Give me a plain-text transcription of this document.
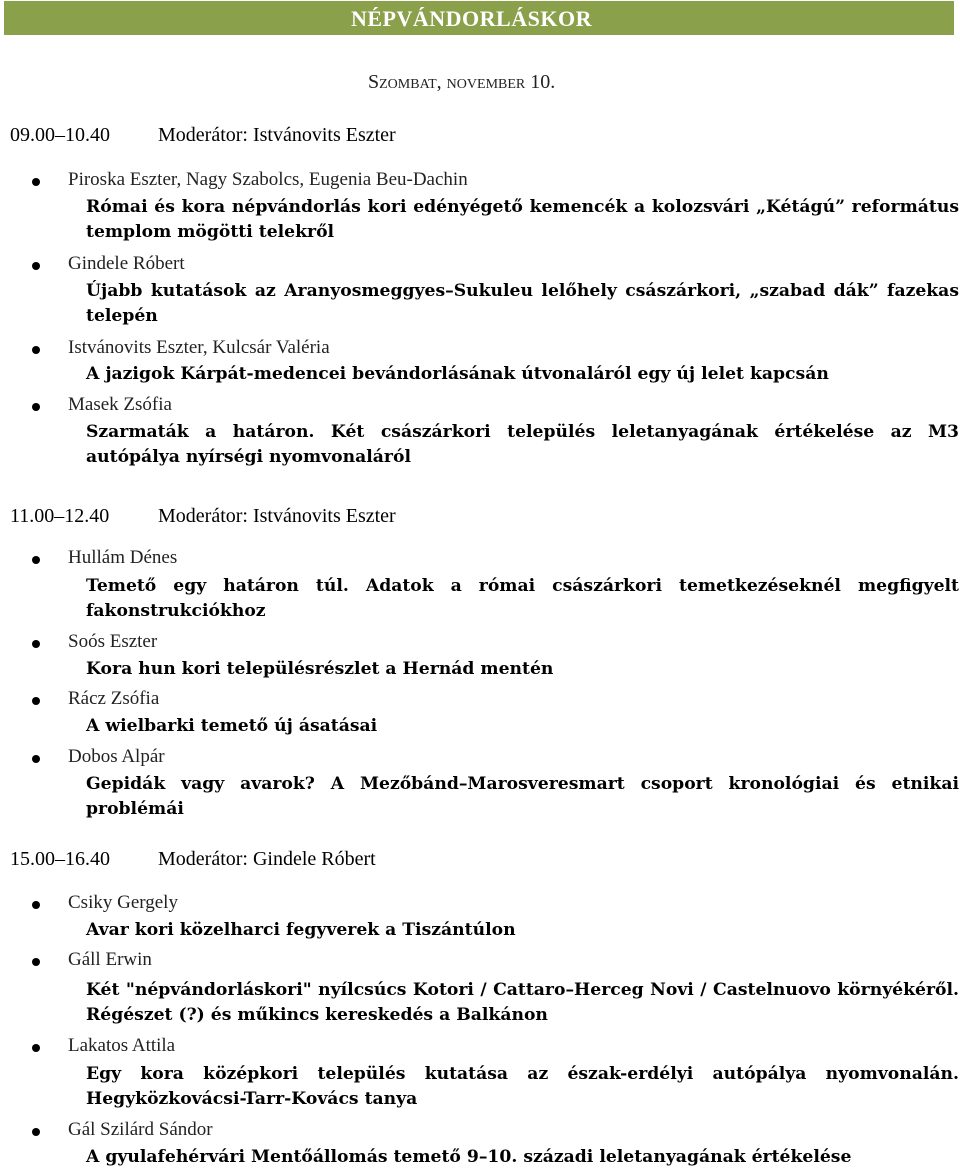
NÉPVÁNDORLÁSKOR
Szombat, november 10.
09.00–10.40 Moderátor: Istvánovits Eszter
Piroska Eszter, Nagy Szabolcs, Eugenia Beu-Dachin
Római és kora népvándorlás kori edényégető kemencék a kolozsvári „Kétágú” református templom mögötti telekről
Gindele Róbert
Újabb kutatások az Aranyosmeggyes–Sukuleu lelőhely császárkori, „szabad dák” fazekas telepén
Istvánovits Eszter, Kulcsár Valéria
A jazigok Kárpát-medencei bevándorlásának útvonaláról egy új lelet kapcsán
Masek Zsófia
Szarmaták a határon. Két császárkori település leletanyagának értékelése az M3 autópálya nyírségi nyomvonaláról
11.00–12.40 Moderátor: Istvánovits Eszter
Hullám Dénes
Temető egy határon túl. Adatok a római császárkori temetkezéseknél megfigyelt fakonstrukciókhoz
Soós Eszter
Kora hun kori településrészlet a Hernád mentén
Rácz Zsófia
A wielbarki temető új ásatásai
Dobos Alpár
Gepidák vagy avarok? A Mezőbánd–Marosveresmart csoport kronológiai és etnikai problémái
15.00–16.40 Moderátor: Gindele Róbert
Csiky Gergely
Avar kori közelharci fegyverek a Tiszántúlon
Gáll Erwin
Két "népvándorláskori" nyílcsúcs Kotori / Cattaro–Herceg Novi / Castelnuovo környékéről. Régészet (?) és műkincs kereskedés a Balkánon
Lakatos Attila
Egy kora középkori település kutatása az észak-erdélyi autópálya nyomvonalán. Hegyközkovácsi-Tarr-Kovács tanya
Gál Szilárd Sándor
A gyulafehérvári Mentőállomás temető 9–10. századi leletanyagának értékelése
